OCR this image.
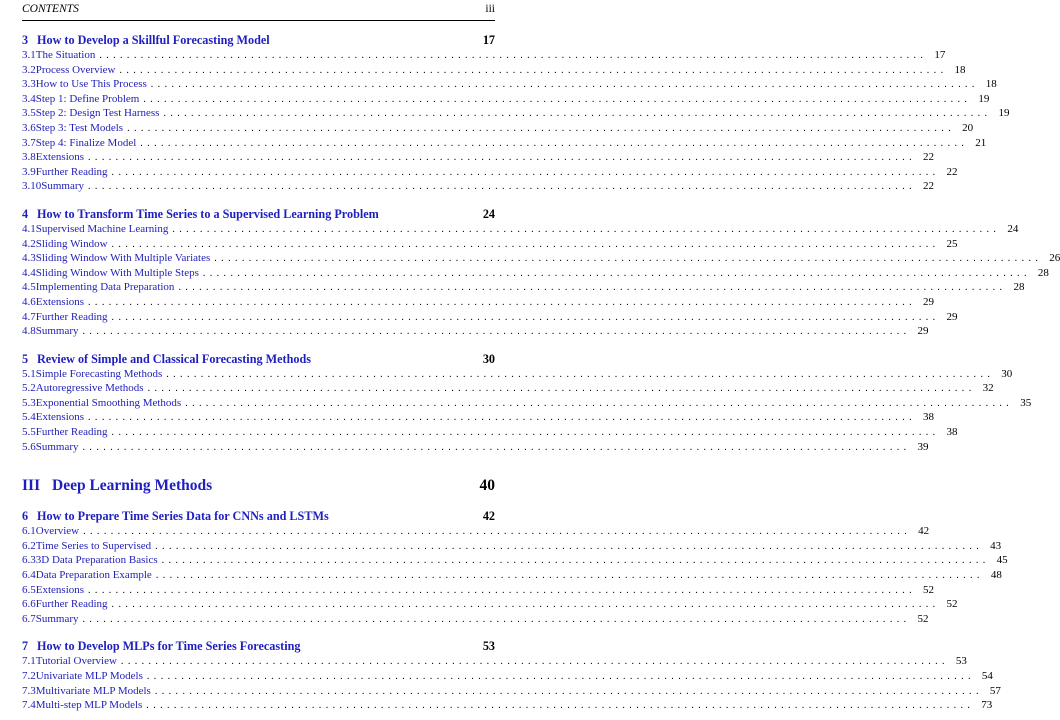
CONTENTS	iii
3 How to Develop a Skillful Forecasting Model	17
3.1 The Situation ........................................................................................................................ 17
3.2 Process Overview ........................................................................................................................ 18
3.3 How to Use This Process ........................................................................................................................ 18
3.4 Step 1: Define Problem ........................................................................................................................ 19
3.5 Step 2: Design Test Harness ........................................................................................................................ 19
3.6 Step 3: Test Models ........................................................................................................................ 20
3.7 Step 4: Finalize Model ........................................................................................................................ 21
3.8 Extensions ........................................................................................................................ 22
3.9 Further Reading ........................................................................................................................ 22
3.10 Summary ........................................................................................................................ 22
4 How to Transform Time Series to a Supervised Learning Problem	24
4.1 Supervised Machine Learning ........................................................................................................................ 24
4.2 Sliding Window ........................................................................................................................ 25
4.3 Sliding Window With Multiple Variates ........................................................................................................................ 26
4.4 Sliding Window With Multiple Steps ........................................................................................................................ 28
4.5 Implementing Data Preparation ........................................................................................................................ 28
4.6 Extensions ........................................................................................................................ 29
4.7 Further Reading ........................................................................................................................ 29
4.8 Summary ........................................................................................................................ 29
5 Review of Simple and Classical Forecasting Methods	30
5.1 Simple Forecasting Methods ........................................................................................................................ 30
5.2 Autoregressive Methods ........................................................................................................................ 32
5.3 Exponential Smoothing Methods ........................................................................................................................ 35
5.4 Extensions ........................................................................................................................ 38
5.5 Further Reading ........................................................................................................................ 38
5.6 Summary ........................................................................................................................ 39
III Deep Learning Methods	40
6 How to Prepare Time Series Data for CNNs and LSTMs	42
6.1 Overview ........................................................................................................................ 42
6.2 Time Series to Supervised ........................................................................................................................ 43
6.3 3D Data Preparation Basics ........................................................................................................................ 45
6.4 Data Preparation Example ........................................................................................................................ 48
6.5 Extensions ........................................................................................................................ 52
6.6 Further Reading ........................................................................................................................ 52
6.7 Summary ........................................................................................................................ 52
7 How to Develop MLPs for Time Series Forecasting	53
7.1 Tutorial Overview ........................................................................................................................ 53
7.2 Univariate MLP Models ........................................................................................................................ 54
7.3 Multivariate MLP Models ........................................................................................................................ 57
7.4 Multi-step MLP Models ........................................................................................................................ 73
